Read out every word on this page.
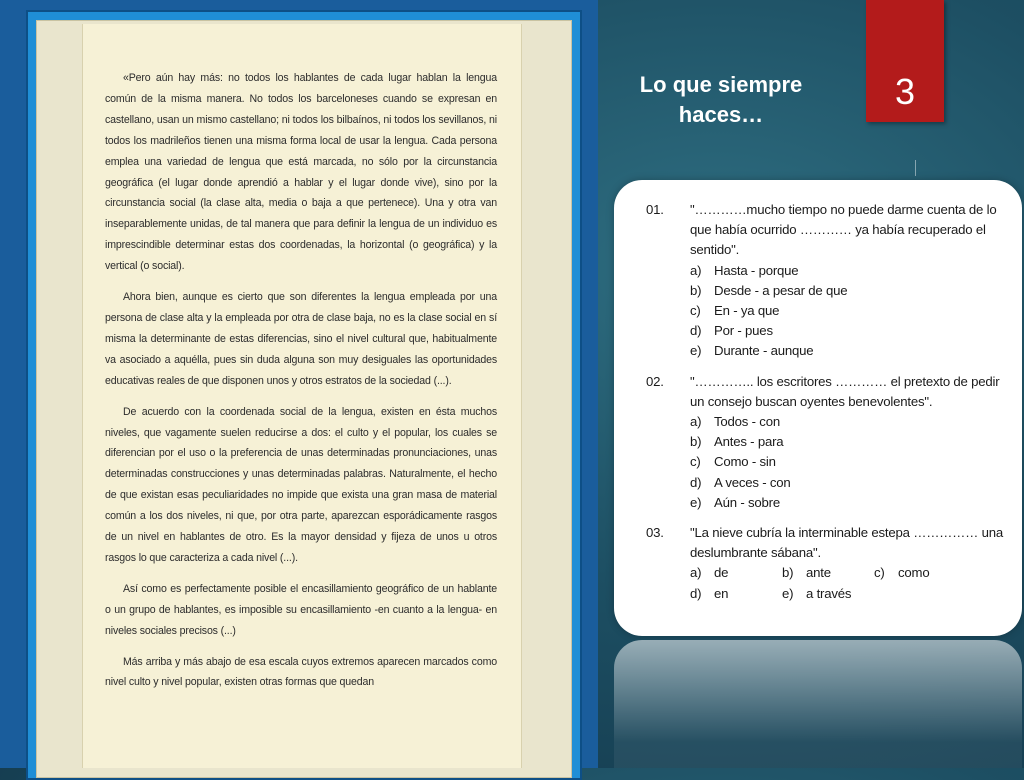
«Pero aún hay más: no todos los hablantes de cada lugar hablan la lengua común de la misma manera. No todos los barceloneses cuando se expresan en castellano, usan un mismo castellano; ni todos los bilbaínos, ni todos los sevillanos, ni todos los madrileños tienen una misma forma local de usar la lengua. Cada persona emplea una variedad de lengua que está marcada, no sólo por la circunstancia geográfica (el lugar donde aprendió a hablar y el lugar donde vive), sino por la circunstancia social (la clase alta, media o baja a que pertenece). Una y otra van inseparablemente unidas, de tal manera que para definir la lengua de un individuo es imprescindible determinar estas dos coordenadas, la horizontal (o geográfica) y la vertical (o social).

Ahora bien, aunque es cierto que son diferentes la lengua empleada por una persona de clase alta y la empleada por otra de clase baja, no es la clase social en sí misma la determinante de estas diferencias, sino el nivel cultural que, habitualmente va asociado a aquélla, pues sin duda alguna son muy desiguales las oportunidades educativas reales de que disponen unos y otros estratos de la sociedad (...).

De acuerdo con la coordenada social de la lengua, existen en ésta muchos niveles, que vagamente suelen reducirse a dos: el culto y el popular, los cuales se diferencian por el uso o la preferencia de unas determinadas pronunciaciones, unas determinadas construcciones y unas determinadas palabras. Naturalmente, el hecho de que existan esas peculiaridades no impide que exista una gran masa de material común a los dos niveles, ni que, por otra parte, aparezcan esporádicamente rasgos de un nivel en hablantes de otro. Es la mayor densidad y fijeza de unos u otros rasgos lo que caracteriza a cada nivel (...).

Así como es perfectamente posible el encasillamiento geográfico de un hablante o un grupo de hablantes, es imposible su encasillamiento -en cuanto a la lengua- en niveles sociales precisos (...)

Más arriba y más abajo de esa escala cuyos extremos aparecen marcados como nivel culto y nivel popular, existen otras formas que quedan

Lo que siempre haces…
3
01. "…………mucho tiempo no puede darme cuenta de lo que había ocurrido ………… ya había recuperado el sentido".
a) Hasta - porque
b) Desde - a pesar de que
c) En - ya que
d) Por - pues
e) Durante - aunque
02. "………….. los escritores ………… el pretexto de pedir un consejo buscan oyentes benevolentes".
a) Todos - con
b) Antes - para
c) Como - sin
d) A veces - con
e) Aún - sobre
03. "La nieve cubría la interminable estepa …………… una deslumbrante sábana".
a) de	b) ante	c) como
d) en	e) a través
